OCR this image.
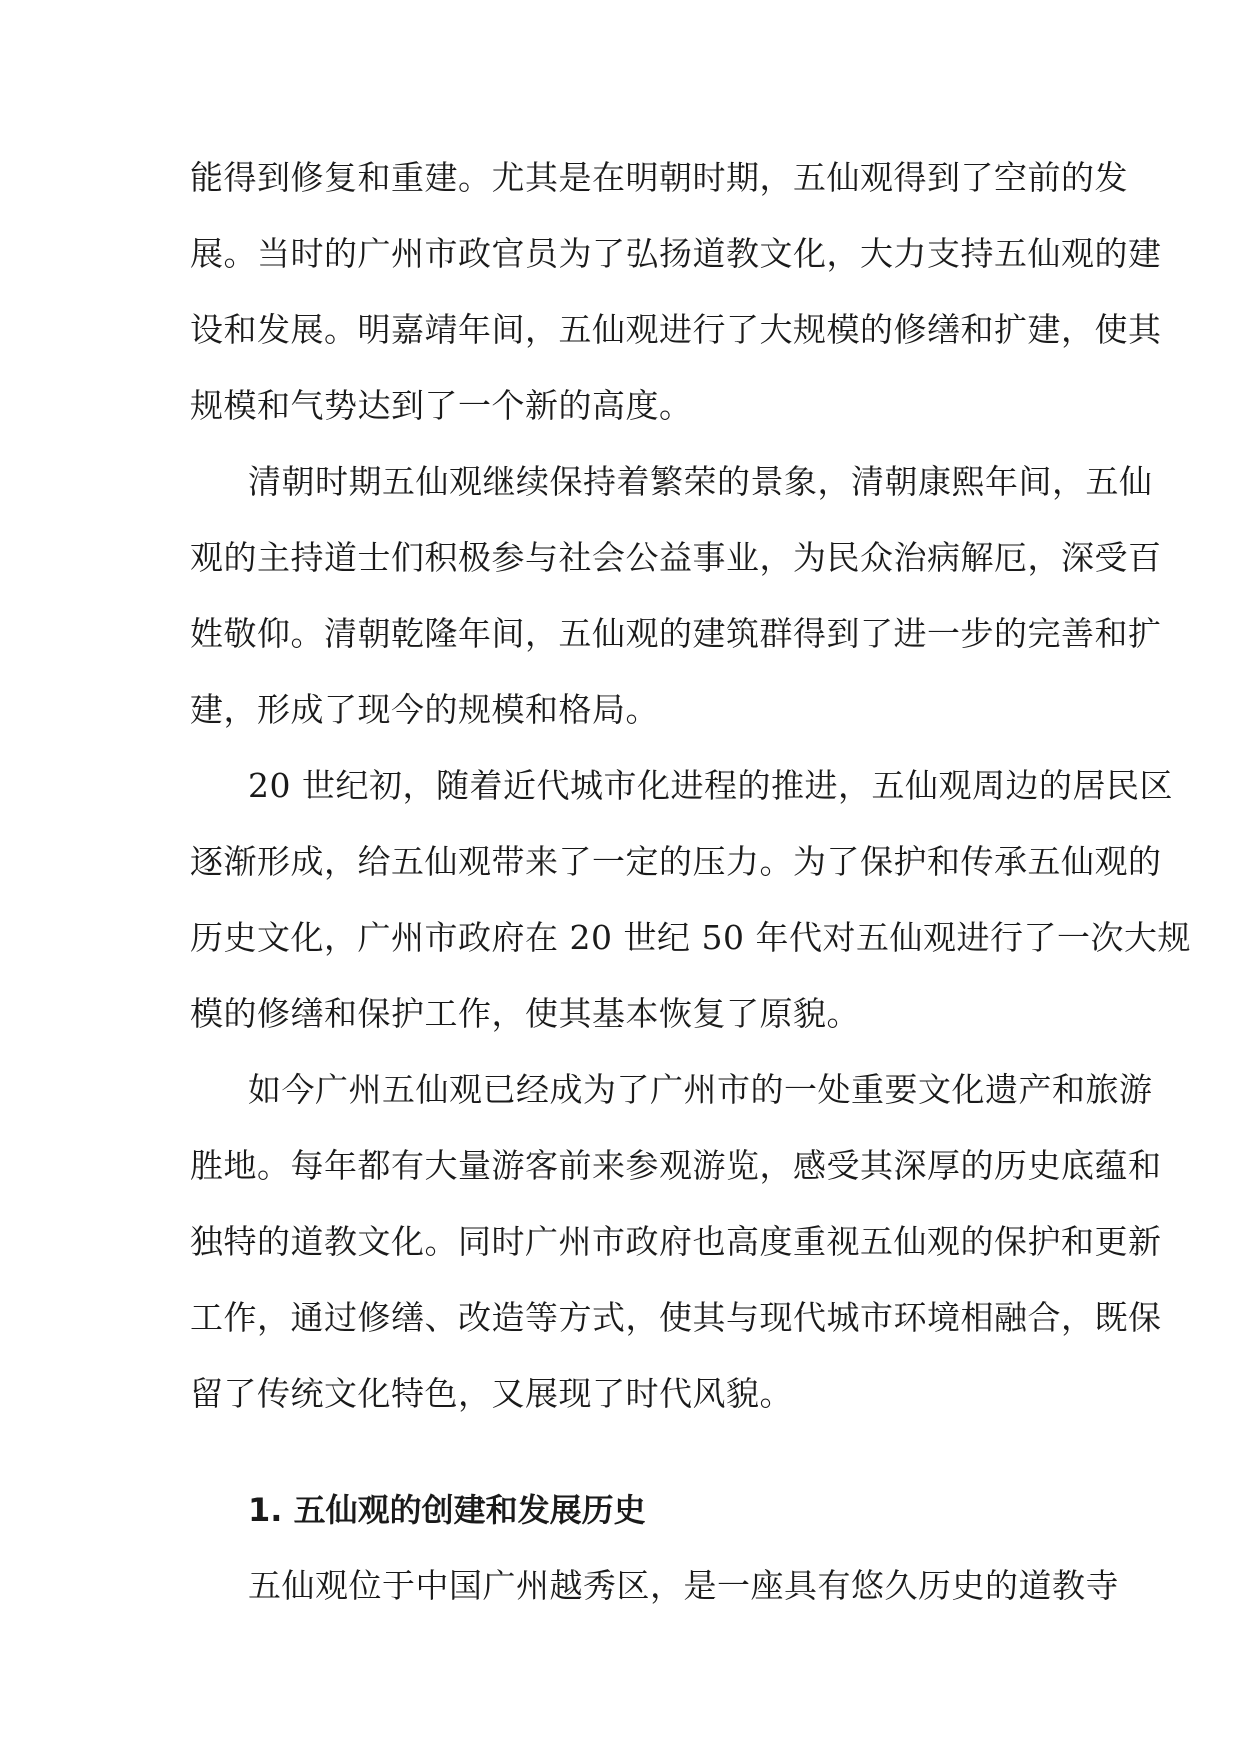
能得到修复和重建。尤其是在明朝时期，五仙观得到了空前的发
展。当时的广州市政官员为了弘扬道教文化，大力支持五仙观的建
设和发展。明嘉靖年间，五仙观进行了大规模的修缮和扩建，使其
规模和气势达到了一个新的高度。
清朝时期五仙观继续保持着繁荣的景象，清朝康熙年间，五仙
观的主持道士们积极参与社会公益事业，为民众治病解厄，深受百
姓敬仰。清朝乾隆年间，五仙观的建筑群得到了进一步的完善和扩
建，形成了现今的规模和格局。
20 世纪初，随着近代城市化进程的推进，五仙观周边的居民区
逐渐形成，给五仙观带来了一定的压力。为了保护和传承五仙观的
历史文化，广州市政府在 20 世纪 50 年代对五仙观进行了一次大规
模的修缮和保护工作，使其基本恢复了原貌。
如今广州五仙观已经成为了广州市的一处重要文化遗产和旅游
胜地。每年都有大量游客前来参观游览，感受其深厚的历史底蕴和
独特的道教文化。同时广州市政府也高度重视五仙观的保护和更新
工作，通过修缮、改造等方式，使其与现代城市环境相融合，既保
留了传统文化特色，又展现了时代风貌。
1. 五仙观的创建和发展历史
五仙观位于中国广州越秀区，是一座具有悠久历史的道教寺
